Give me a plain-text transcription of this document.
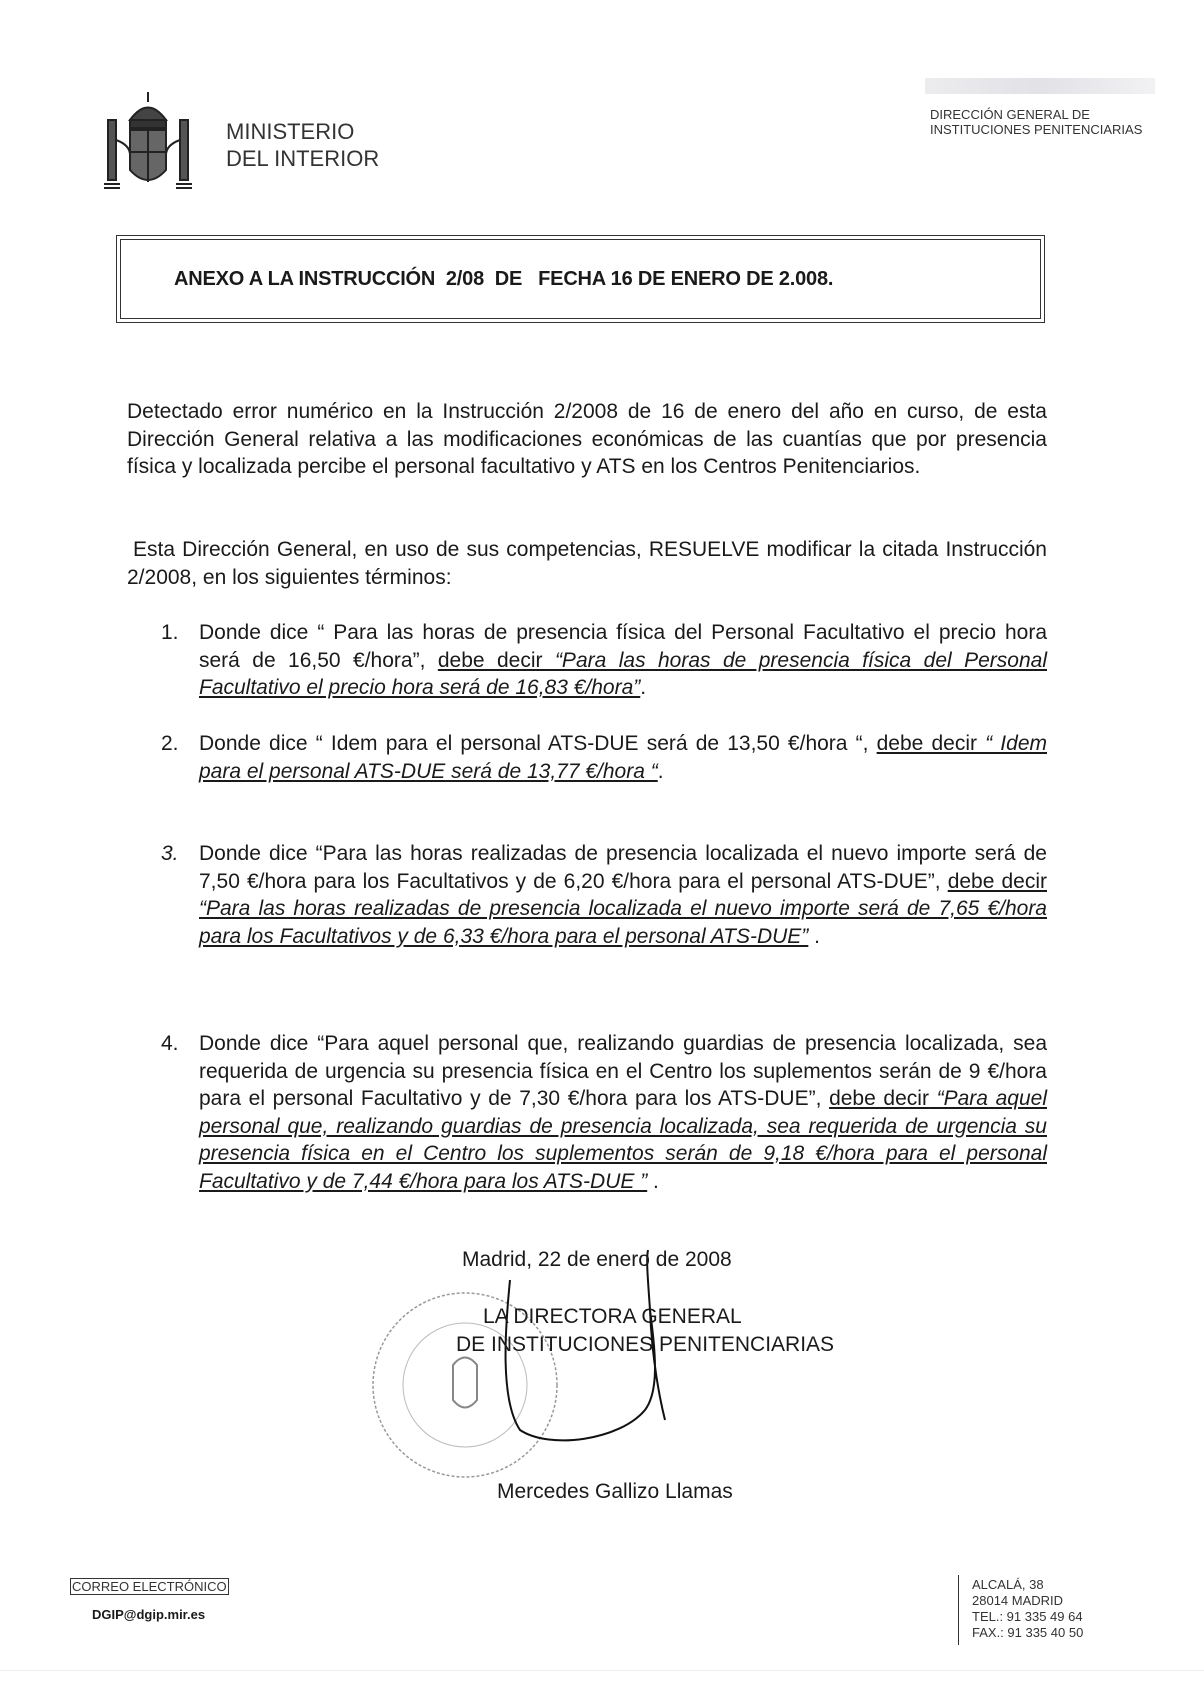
MINISTERIO
DEL INTERIOR
DIRECCIÓN GENERAL DE
INSTITUCIONES PENITENCIARIAS
ANEXO A LA INSTRUCCIÓN  2/08  DE   FECHA 16 DE ENERO DE 2.008.
Detectado error numérico en la Instrucción 2/2008 de 16 de enero del año en curso, de esta Dirección General relativa a las modificaciones económicas de las cuantías que por presencia física y localizada percibe el personal facultativo y ATS en los Centros Penitenciarios.
Esta Dirección General, en uso de sus competencias, RESUELVE modificar la citada Instrucción 2/2008, en los siguientes términos:
1. Donde dice “ Para las horas de presencia física del Personal Facultativo el precio hora será de 16,50 €/hora”, debe decir “Para las horas de presencia física del Personal Facultativo el precio hora será de 16,83 €/hora”.
2. Donde dice “ Idem para el personal ATS-DUE será de 13,50 €/hora “, debe decir “ Idem para el personal ATS-DUE será de 13,77 €/hora “.
3. Donde dice “Para las horas realizadas de presencia localizada el nuevo importe será de 7,50 €/hora para los Facultativos y de 6,20 €/hora para el personal ATS-DUE”, debe decir “Para las horas realizadas de presencia localizada el nuevo importe será de 7,65 €/hora para los Facultativos y de 6,33 €/hora para el personal ATS-DUE” .
4. Donde dice “Para aquel personal que, realizando guardias de presencia localizada, sea requerida de urgencia su presencia física en el Centro los suplementos serán de 9 €/hora para el personal Facultativo y de 7,30 €/hora para los ATS-DUE”, debe decir “Para aquel personal que, realizando guardias de presencia localizada, sea requerida de urgencia su presencia física en el Centro los suplementos serán de 9,18 €/hora para el personal Facultativo y de 7,44 €/hora para los ATS-DUE ” .
Madrid, 22 de enero de 2008
LA DIRECTORA GENERAL
DE INSTITUCIONES PENITENCIARIAS
Mercedes Gallizo Llamas
CORREO ELECTRÓNICO
DGIP@dgip.mir.es
ALCALÁ, 38
28014 MADRID
TEL.: 91 335 49 64
FAX.: 91 335 40 50
